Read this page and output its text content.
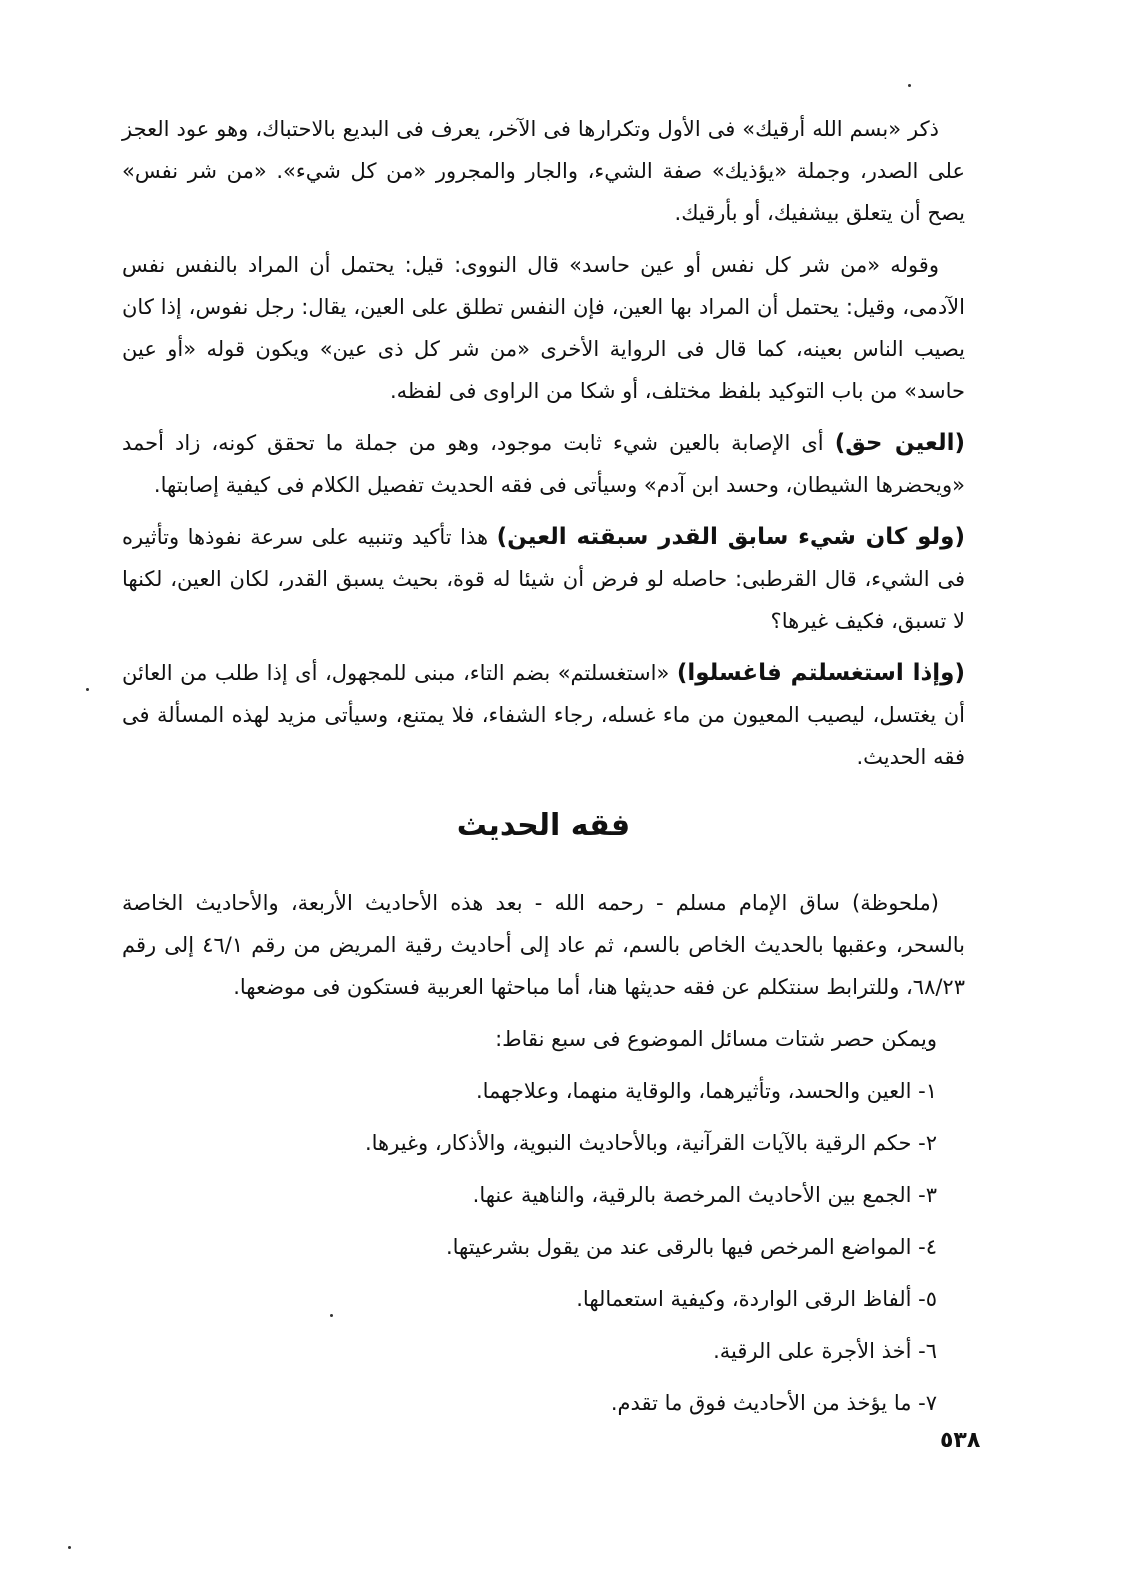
ذكر «بسم الله أرقيك» فى الأول وتكرارها فى الآخر، يعرف فى البديع بالاحتباك، وهو عود العجز على الصدر، وجملة «يؤذيك» صفة الشيء، والجار والمجرور «من كل شيء». «من شر نفس» يصح أن يتعلق بيشفيك، أو بأرقيك.

وقوله «من شر كل نفس أو عين حاسد» قال النووى: قيل: يحتمل أن المراد بالنفس نفس الآدمى، وقيل: يحتمل أن المراد بها العين، فإن النفس تطلق على العين، يقال: رجل نفوس، إذا كان يصيب الناس بعينه، كما قال فى الرواية الأخرى «من شر كل ذى عين» ويكون قوله «أو عين حاسد» من باب التوكيد بلفظ مختلف، أو شكا من الراوى فى لفظه.

(العين حق) أى الإصابة بالعين شيء ثابت موجود، وهو من جملة ما تحقق كونه، زاد أحمد «ويحضرها الشيطان، وحسد ابن آدم» وسيأتى فى فقه الحديث تفصيل الكلام فى كيفية إصابتها.

(ولو كان شيء سابق القدر سبقته العين) هذا تأكيد وتنبيه على سرعة نفوذها وتأثيره فى الشيء، قال القرطبى: حاصله لو فرض أن شيئا له قوة، بحيث يسبق القدر، لكان العين، لكنها لا تسبق، فكيف غيرها؟

(وإذا استغسلتم فاغسلوا) «استغسلتم» بضم التاء، مبنى للمجهول، أى إذا طلب من العائن أن يغتسل، ليصيب المعيون من ماء غسله، رجاء الشفاء، فلا يمتنع، وسيأتى مزيد لهذه المسألة فى فقه الحديث.

فقه الحديث

(ملحوظة) ساق الإمام مسلم - رحمه الله - بعد هذه الأحاديث الأربعة، والأحاديث الخاصة بالسحر، وعقبها بالحديث الخاص بالسم، ثم عاد إلى أحاديث رقية المريض من رقم ٤٦/١ إلى رقم ٦٨/٢٣، وللترابط سنتكلم عن فقه حديثها هنا، أما مباحثها العربية فستكون فى موضعها.

ويمكن حصر شتات مسائل الموضوع فى سبع نقاط:
١- العين والحسد، وتأثيرهما، والوقاية منهما، وعلاجهما.
٢- حكم الرقية بالآيات القرآنية، وبالأحاديث النبوية، والأذكار، وغيرها.
٣- الجمع بين الأحاديث المرخصة بالرقية، والناهية عنها.
٤- المواضع المرخص فيها بالرقى عند من يقول بشرعيتها.
٥- ألفاظ الرقى الواردة، وكيفية استعمالها.
٦- أخذ الأجرة على الرقية.
٧- ما يؤخذ من الأحاديث فوق ما تقدم.
٥٣٨
